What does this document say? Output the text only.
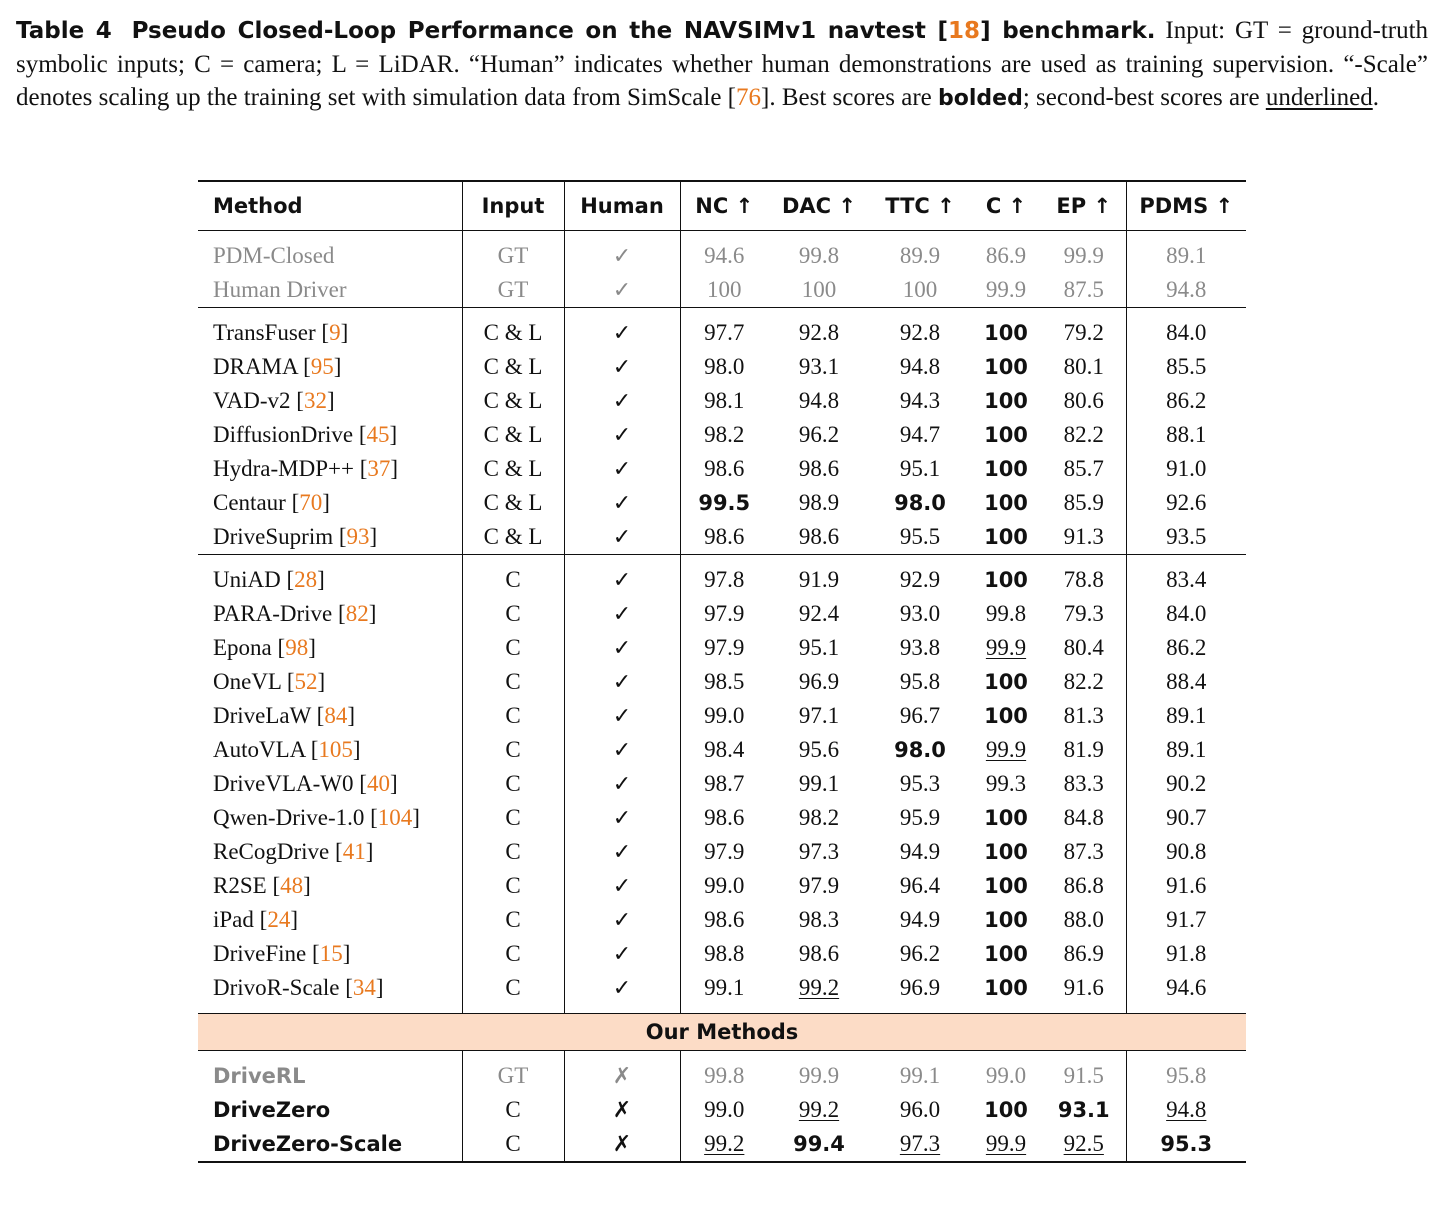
Table 4 Pseudo Closed-Loop Performance on the NAVSIMv1 navtest [18] benchmark. Input: GT = ground-truth symbolic inputs; C = camera; L = LiDAR. “Human” indicates whether human demonstrations are used as training supervision. “-Scale” denotes scaling up the training set with simulation data from SimScale [76]. Best scores are bolded; second-best scores are underlined.
Method	Input	Human	NC ↑	DAC ↑	TTC ↑	C ↑	EP ↑	PDMS ↑

PDM-Closed	GT	✓	94.6	99.8	89.9	86.9	99.9	89.1
Human Driver	GT	✓	100	100	100	99.9	87.5	94.8

TransFuser [9]	C & L	✓	97.7	92.8	92.8	100	79.2	84.0
DRAMA [95]	C & L	✓	98.0	93.1	94.8	100	80.1	85.5
VAD-v2 [32]	C & L	✓	98.1	94.8	94.3	100	80.6	86.2
DiffusionDrive [45]	C & L	✓	98.2	96.2	94.7	100	82.2	88.1
Hydra-MDP++ [37]	C & L	✓	98.6	98.6	95.1	100	85.7	91.0
Centaur [70]	C & L	✓	99.5	98.9	98.0	100	85.9	92.6
DriveSuprim [93]	C & L	✓	98.6	98.6	95.5	100	91.3	93.5

UniAD [28]	C	✓	97.8	91.9	92.9	100	78.8	83.4
PARA-Drive [82]	C	✓	97.9	92.4	93.0	99.8	79.3	84.0
Epona [98]	C	✓	97.9	95.1	93.8	99.9	80.4	86.2
OneVL [52]	C	✓	98.5	96.9	95.8	100	82.2	88.4
DriveLaW [84]	C	✓	99.0	97.1	96.7	100	81.3	89.1
AutoVLA [105]	C	✓	98.4	95.6	98.0	99.9	81.9	89.1
DriveVLA-W0 [40]	C	✓	98.7	99.1	95.3	99.3	83.3	90.2
Qwen-Drive-1.0 [104]	C	✓	98.6	98.2	95.9	100	84.8	90.7
ReCogDrive [41]	C	✓	97.9	97.3	94.9	100	87.3	90.8
R2SE [48]	C	✓	99.0	97.9	96.4	100	86.8	91.6
iPad [24]	C	✓	98.6	98.3	94.9	100	88.0	91.7
DriveFine [15]	C	✓	98.8	98.6	96.2	100	86.9	91.8
DrivoR-Scale [34]	C	✓	99.1	99.2	96.9	100	91.6	94.6

Our Methods								

DriveRL	GT	✗	99.8	99.9	99.1	99.0	91.5	95.8
DriveZero	C	✗	99.0	99.2	96.0	100	93.1	94.8
DriveZero-Scale	C	✗	99.2	99.4	97.3	99.9	92.5	95.3
